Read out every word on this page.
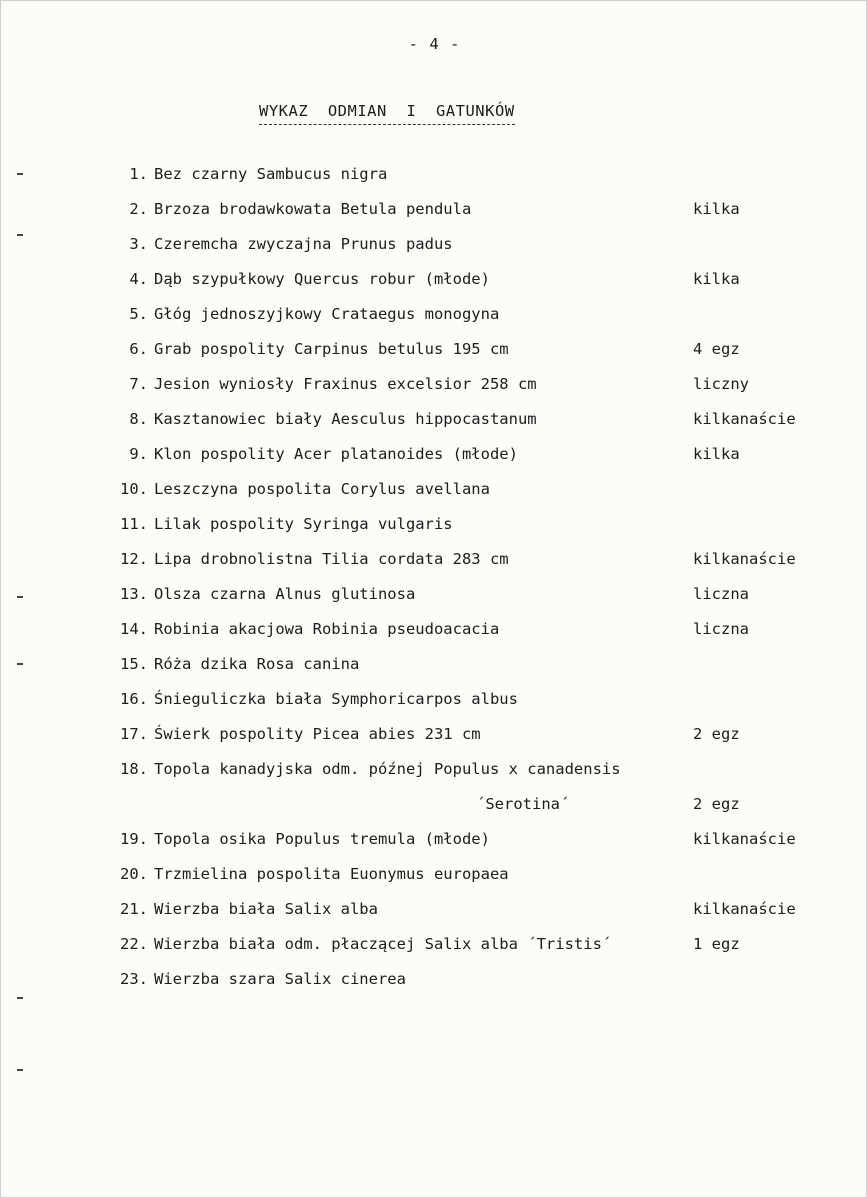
- 4 -
WYKAZ  ODMIAN  I  GATUNKÓW
1. Bez czarny Sambucus nigra
2. Brzoza brodawkowata Betula pendula	kilka
3. Czeremcha zwyczajna Prunus padus
4. Dąb szypułkowy Quercus robur (młode)	kilka
5. Głóg jednoszyjkowy Crataegus monogyna
6. Grab pospolity Carpinus betulus 195 cm	4 egz
7. Jesion wyniosły Fraxinus excelsior 258 cm	liczny
8. Kasztanowiec biały Aesculus hippocastanum	kilkanaście
9. Klon pospolity Acer platanoides (młode)	kilka
10. Leszczyna pospolita Corylus avellana
11. Lilak pospolity Syringa vulgaris
12. Lipa drobnolistna Tilia cordata 283 cm	kilkanaście
13. Olsza czarna Alnus glutinosa	liczna
14. Robinia akacjowa Robinia pseudoacacia	liczna
15. Róża dzika Rosa canina
16. Śnieguliczka biała Symphoricarpos albus
17. Świerk pospolity Picea abies 231 cm	2 egz
18. Topola kanadyjska odm. późnej Populus x canadensis
´Serotina´	2 egz
19. Topola osika Populus tremula (młode)	kilkanaście
20. Trzmielina pospolita Euonymus europaea
21. Wierzba biała Salix alba	kilkanaście
22. Wierzba biała odm. płaczącej Salix alba ´Tristis´	1 egz
23. Wierzba szara Salix cinerea
